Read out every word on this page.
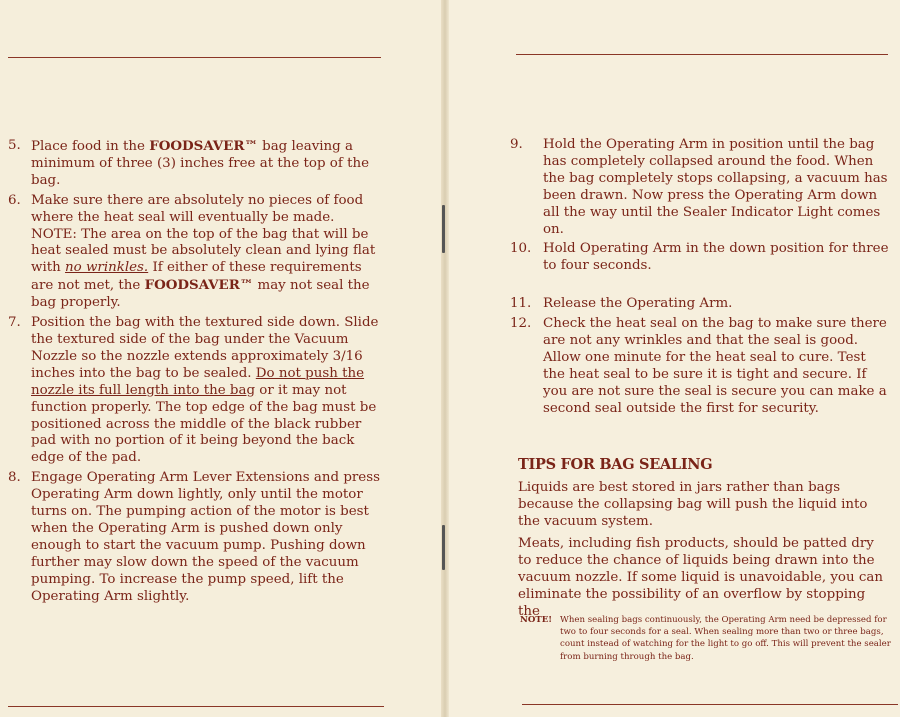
5. Place food in the FOODSAVER™ bag leaving a minimum of three (3) inches free at the top of the bag.
6. Make sure there are absolutely no pieces of food where the heat seal will eventually be made. NOTE: The area on the top of the bag that will be heat sealed must be absolutely clean and lying flat with no wrinkles. If either of these requirements are not met, the FOODSAVER™ may not seal the bag properly.
7. Position the bag with the textured side down. Slide the textured side of the bag under the Vacuum Nozzle so the nozzle extends approximately 3/16 inches into the bag to be sealed. Do not push the nozzle its full length into the bag or it may not function properly. The top edge of the bag must be positioned across the middle of the black rubber pad with no portion of it being beyond the back edge of the pad.
8. Engage Operating Arm Lever Extensions and press Operating Arm down lightly, only until the motor turns on. The pumping action of the motor is best when the Operating Arm is pushed down only enough to start the vacuum pump. Pushing down further may slow down the speed of the vacuum pumping. To increase the pump speed, lift the Operating Arm slightly.
9. Hold the Operating Arm in position until the bag has completely collapsed around the food. When the bag completely stops collapsing, a vacuum has been drawn. Now press the Operating Arm down all the way until the Sealer Indicator Light comes on.
10. Hold Operating Arm in the down position for three to four seconds.
11. Release the Operating Arm.
12. Check the heat seal on the bag to make sure there are not any wrinkles and that the seal is good. Allow one minute for the heat seal to cure. Test the heat seal to be sure it is tight and secure. If you are not sure the seal is secure you can make a second seal outside the first for security.
TIPS FOR BAG SEALING
Liquids are best stored in jars rather than bags because the collapsing bag will push the liquid into the vacuum system.
Meats, including fish products, should be patted dry to reduce the chance of liquids being drawn into the vacuum nozzle. If some liquid is unavoidable, you can eliminate the possibility of an overflow by stopping the
NOTE! When sealing bags continuously, the Operating Arm need be depressed for two to four seconds for a seal. When sealing more than two or three bags, count instead of watching for the light to go off. This will prevent the sealer from burning through the bag.
